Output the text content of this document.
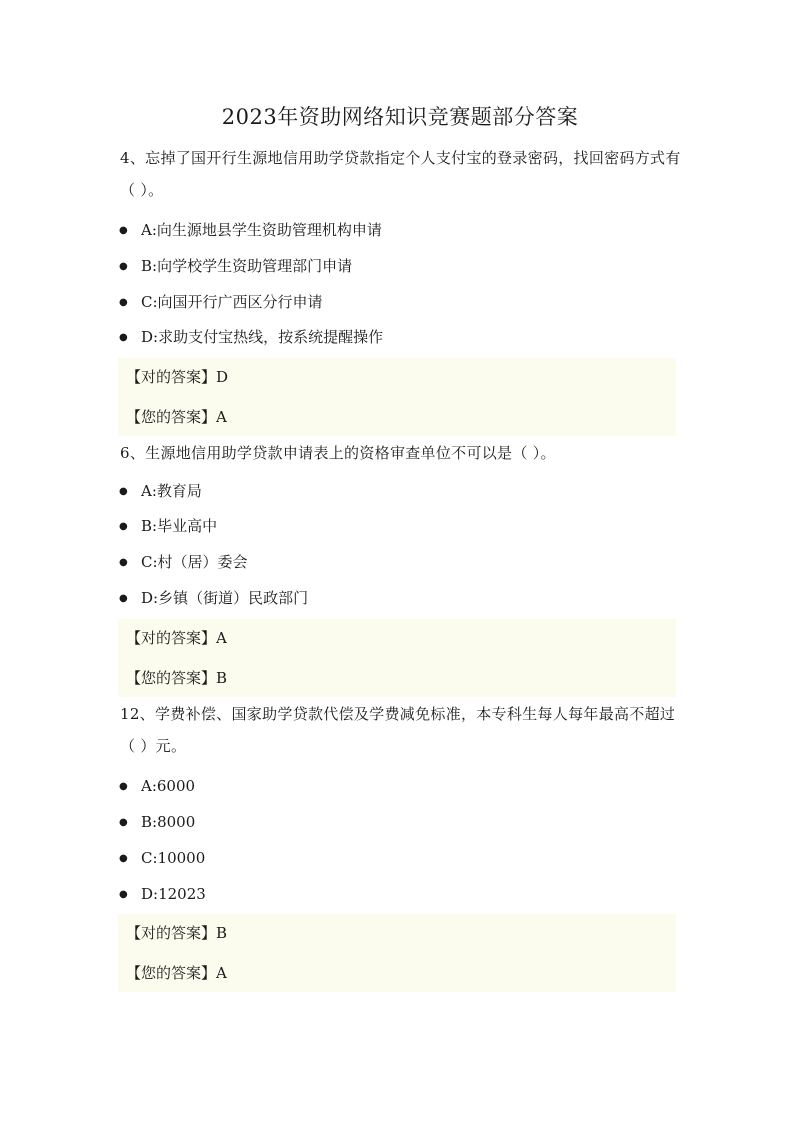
2023年资助网络知识竞赛题部分答案
4、忘掉了国开行生源地信用助学贷款指定个人支付宝的登录密码，找回密码方式有（ ）。
● A:向生源地县学生资助管理机构申请
● B:向学校学生资助管理部门申请
● C:向国开行广西区分行申请
● D:求助支付宝热线，按系统提醒操作
【对的答案】D
【您的答案】A
6、生源地信用助学贷款申请表上的资格审查单位不可以是（ ）。
● A:教育局
● B:毕业高中
● C:村（居）委会
● D:乡镇（街道）民政部门
【对的答案】A
【您的答案】B
12、学费补偿、国家助学贷款代偿及学费减免标准，本专科生每人每年最高不超过（ ）元。
● A:6000
● B:8000
● C:10000
● D:12023
【对的答案】B
【您的答案】A
